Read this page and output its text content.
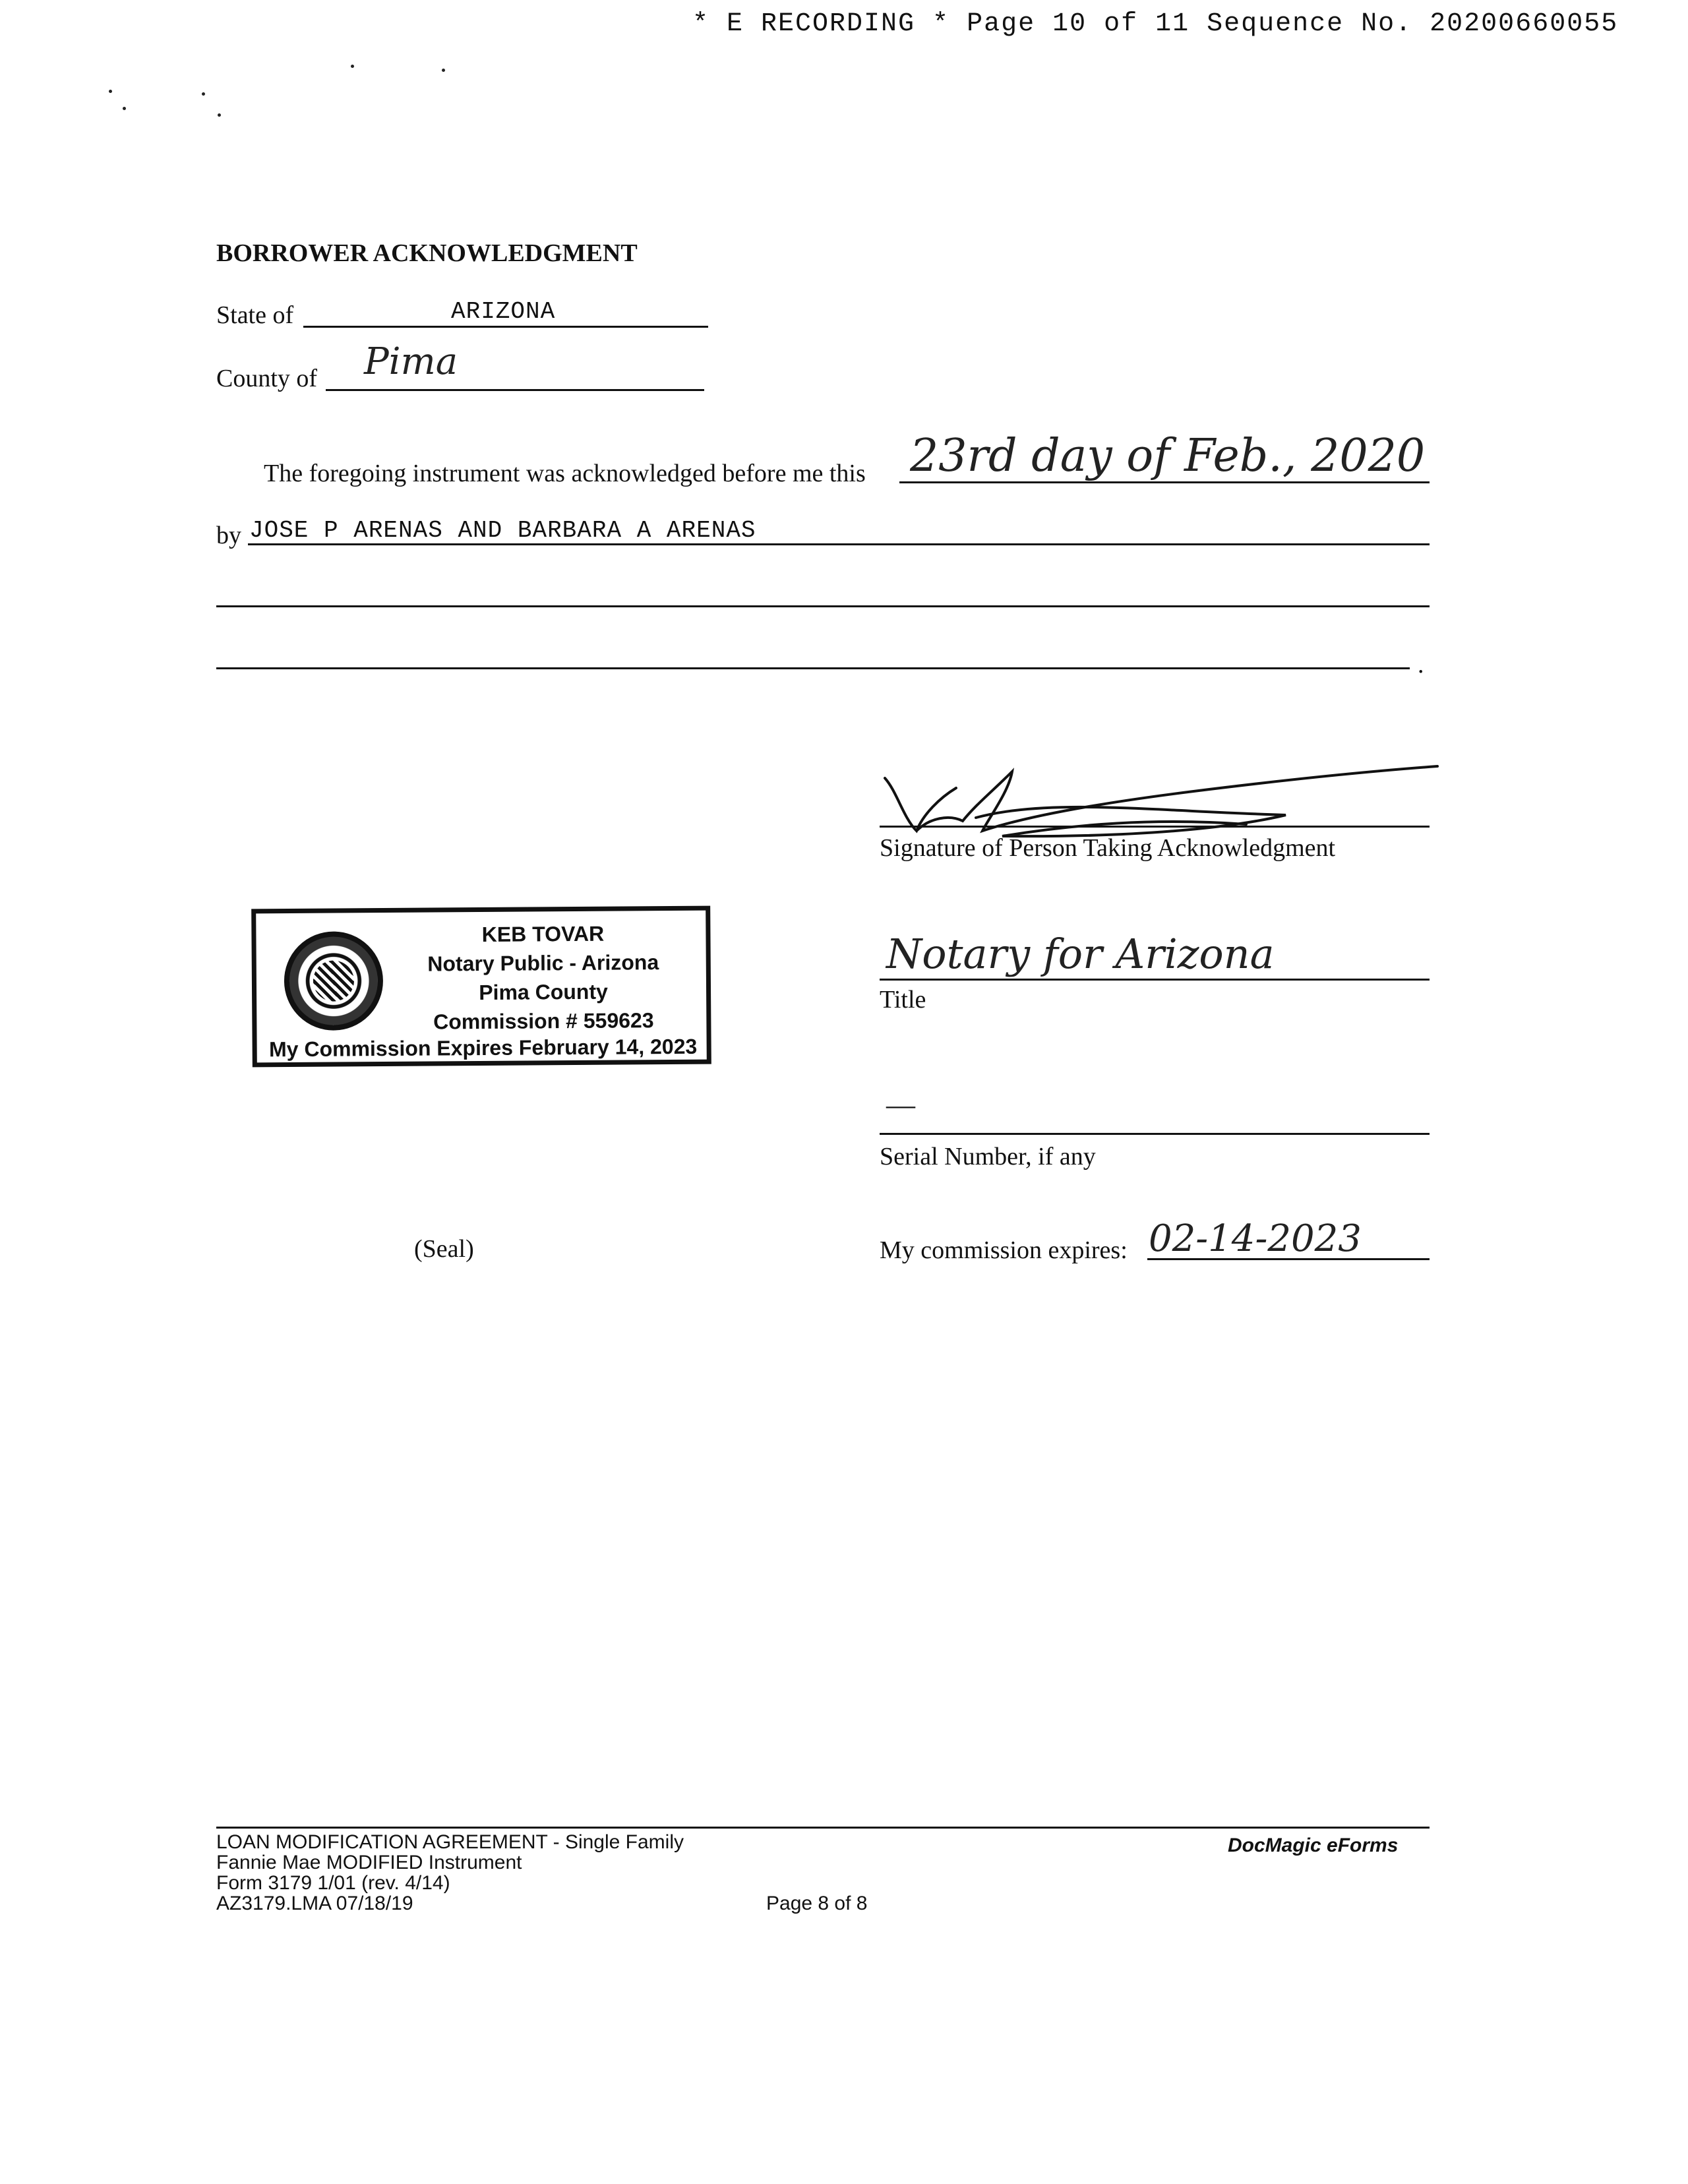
* E RECORDING * Page 10 of 11 Sequence No. 20200660055
BORROWER ACKNOWLEDGMENT
State of	ARIZONA
County of Pima
The foregoing instrument was acknowledged before me this 23rd day of Feb., 2020
by JOSE P ARENAS AND BARBARA A ARENAS
.
Signature of Person Taking Acknowledgment
KEB TOVAR
Notary Public - Arizona
Pima County
Commission # 559623
My Commission Expires February 14, 2023
Notary for Arizona
Title
—
Serial Number, if any
(Seal)	My commission expires: 02-14-2023
LOAN MODIFICATION AGREEMENT - Single Family
Fannie Mae MODIFIED Instrument
Form 3179 1/01 (rev. 4/14)
AZ3179.LMA 07/18/19	Page 8 of 8
DocMagic eForms
